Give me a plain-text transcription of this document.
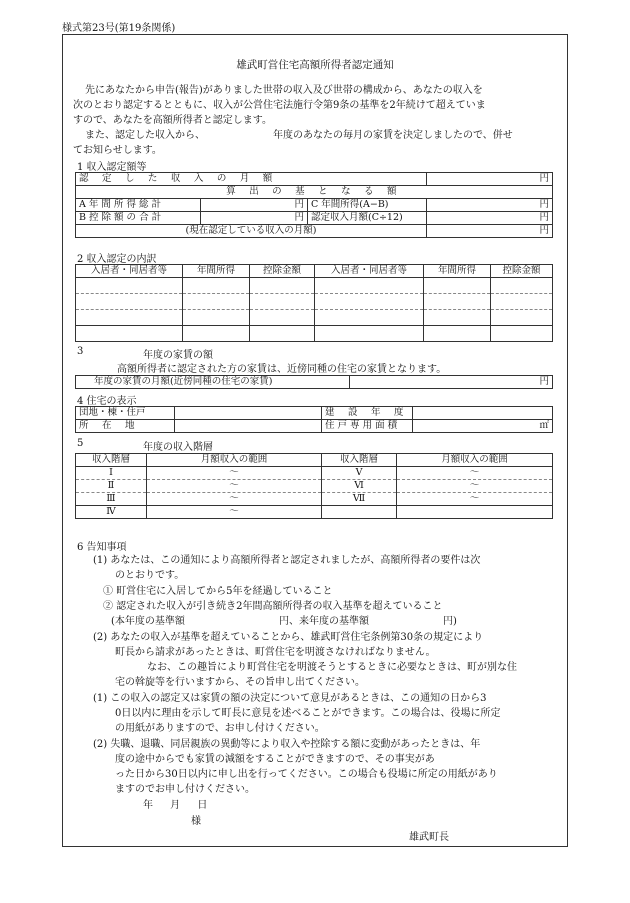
様式第23号(第19条関係)
雄武町営住宅高額所得者認定通知
先にあなたから申告(報告)がありました世帯の収入及び世帯の構成から、あなたの収入を
次のとおり認定するとともに、収入が公営住宅法施行令第9条の基準を2年続けて超えていま
すので、あなたを高額所得者と認定します。
また、認定した収入から、	年度のあなたの毎月の家賃を決定しましたので、併せ
てお知らせします。
1 収入認定額等
認 定 し た 収 入 の 月 額			円
算 出 の 基 と な る 額			
A 年 間 所 得 総 計	円	C 年間所得(A−B)	円
B 控 除 額 の 合 計	円	認定収入月額(C÷12)	円
(現在認定している収入の月額)			円
2 収入認定の内訳
入居者・同居者等	年間所得	控除金額	入居者・同居者等	年間所得	控除金額

3	年度の家賃の額
高額所得者に認定された方の家賃は、近傍同種の住宅の家賃となります。
年度の家賃の月額(近傍同種の住宅の家賃)	円
4 住宅の表示
団地・棟・住戸		建 設 年 度	
所 在 地		住 戸 専 用 面 積	㎡
5	年度の収入階層
収入階層	月額収入の範囲	収入階層	月額収入の範囲
Ⅰ	〜	Ⅴ	〜
Ⅱ	〜	Ⅵ	〜
Ⅲ	〜	Ⅶ	〜
Ⅳ	〜		
6 告知事項
(1) あなたは、この通知により高額所得者と認定されましたが、高額所得者の要件は次
のとおりです。
① 町営住宅に入居してから5年を経過していること
② 認定された収入が引き続き2年間高額所得者の収入基準を超えていること
(本年度の基準額	円、来年度の基準額	円)
(2) あなたの収入が基準を超えていることから、雄武町営住宅条例第30条の規定により
町長から請求があったときは、町営住宅を明渡さなければなりません。
なお、この趣旨により町営住宅を明渡そうとするときに必要なときは、町が別な住
宅の斡旋等を行いますから、その旨申し出てください。
(1) この収入の認定又は家賃の額の決定について意見があるときは、この通知の日から3
0日以内に理由を示して町長に意見を述べることができます。この場合は、役場に所定
の用紙がありますので、お申し付けください。
(2) 失職、退職、同居親族の異動等により収入や控除する額に変動があったときは、年
度の途中からでも家賃の減額をすることができますので、その事実があ
った日から30日以内に申し出を行ってください。この場合も役場に所定の用紙があり
ますのでお申し付けください。
年 月 日
様
雄武町長
